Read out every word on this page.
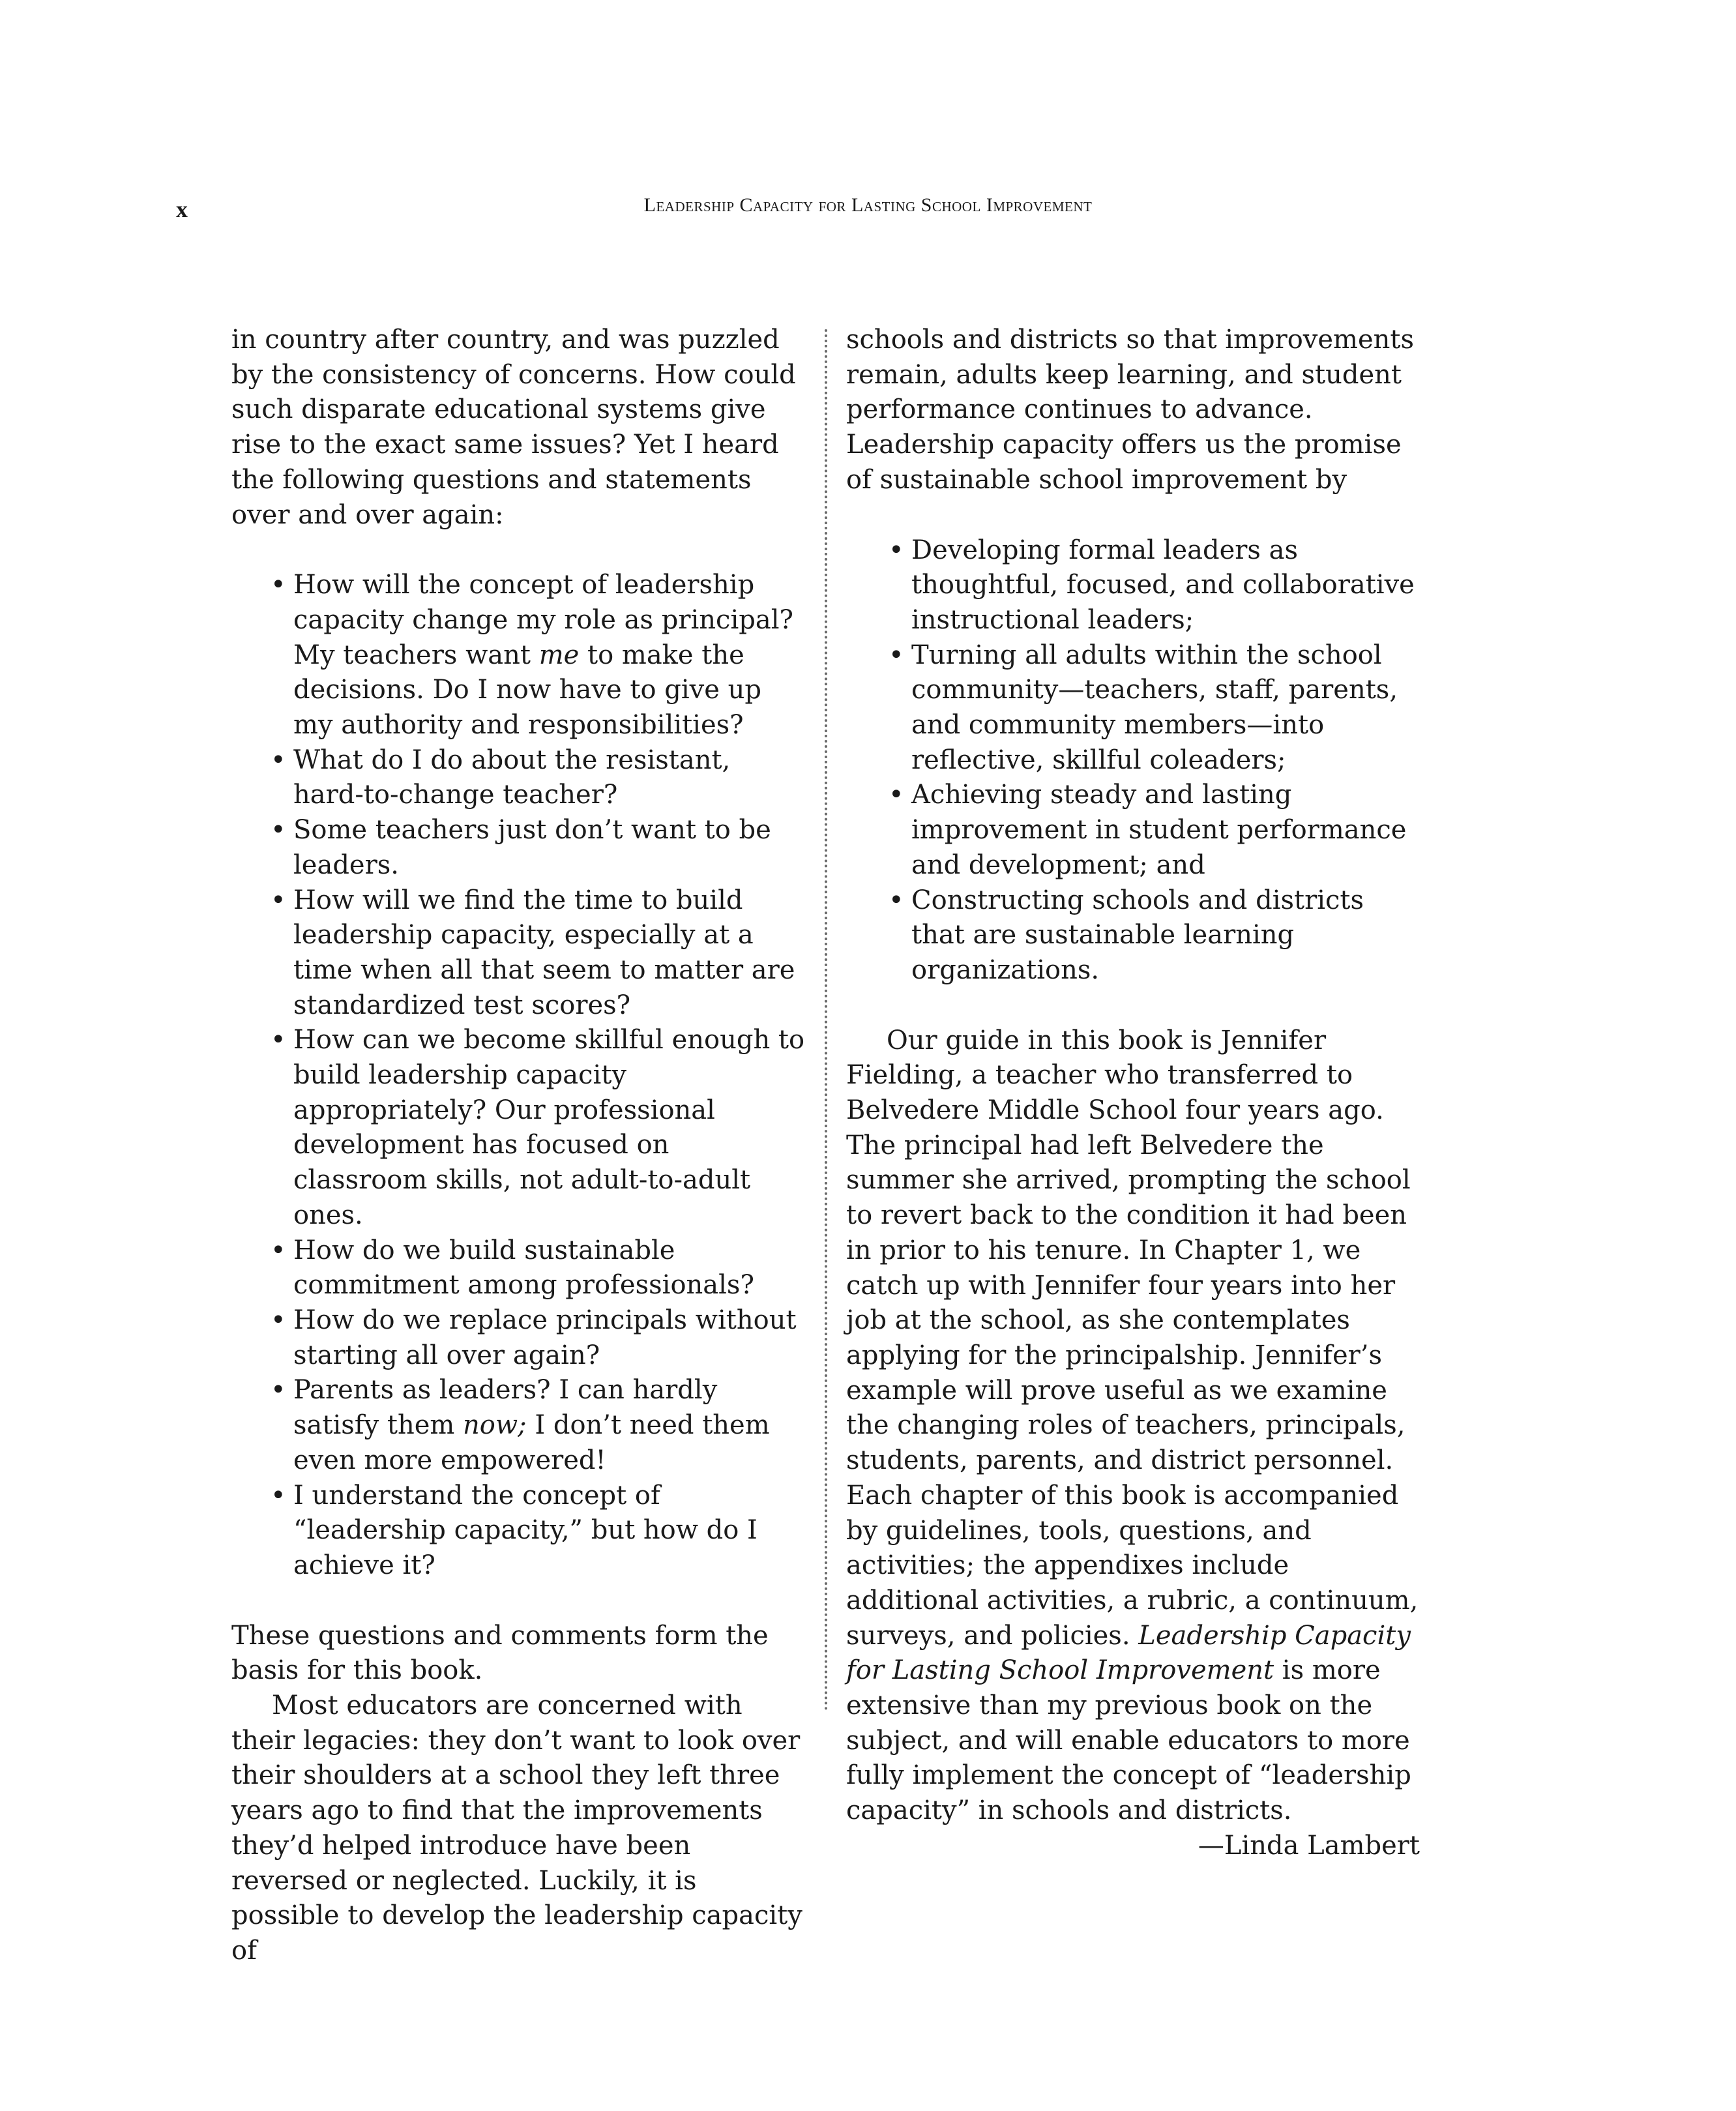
x	Leadership Capacity for Lasting School Improvement

in country after country, and was puzzled by the consistency of concerns. How could such disparate educational systems give rise to the exact same issues? Yet I heard the following questions and statements over and over again:

• How will the concept of leadership capacity change my role as principal? My teachers want me to make the decisions. Do I now have to give up my authority and responsibilities?
• What do I do about the resistant, hard-to-change teacher?
• Some teachers just don’t want to be leaders.
• How will we find the time to build leadership capacity, especially at a time when all that seem to matter are standardized test scores?
• How can we become skillful enough to build leadership capacity appropriately? Our professional development has focused on classroom skills, not adult-to-adult ones.
• How do we build sustainable commitment among professionals?
• How do we replace principals without starting all over again?
• Parents as leaders? I can hardly satisfy them now; I don’t need them even more empowered!
• I understand the concept of “leadership capacity,” but how do I achieve it?

These questions and comments form the basis for this book.

Most educators are concerned with their legacies: they don’t want to look over their shoulders at a school they left three years ago to find that the improvements they’d helped introduce have been reversed or neglected. Luckily, it is possible to develop the leadership capacity of

schools and districts so that improvements remain, adults keep learning, and student performance continues to advance. Leadership capacity offers us the promise of sustainable school improvement by

• Developing formal leaders as thoughtful, focused, and collaborative instructional leaders;
• Turning all adults within the school community—teachers, staff, parents, and community members—into reflective, skillful coleaders;
• Achieving steady and lasting improvement in student performance and development; and
• Constructing schools and districts that are sustainable learning organizations.

Our guide in this book is Jennifer Fielding, a teacher who transferred to Belvedere Middle School four years ago. The principal had left Belvedere the summer she arrived, prompting the school to revert back to the condition it had been in prior to his tenure. In Chapter 1, we catch up with Jennifer four years into her job at the school, as she contemplates applying for the principalship. Jennifer’s example will prove useful as we examine the changing roles of teachers, principals, students, parents, and district personnel. Each chapter of this book is accompanied by guidelines, tools, questions, and activities; the appendixes include additional activities, a rubric, a continuum, surveys, and policies. Leadership Capacity for Lasting School Improvement is more extensive than my previous book on the subject, and will enable educators to more fully implement the concept of “leadership capacity” in schools and districts.

—Linda Lambert
